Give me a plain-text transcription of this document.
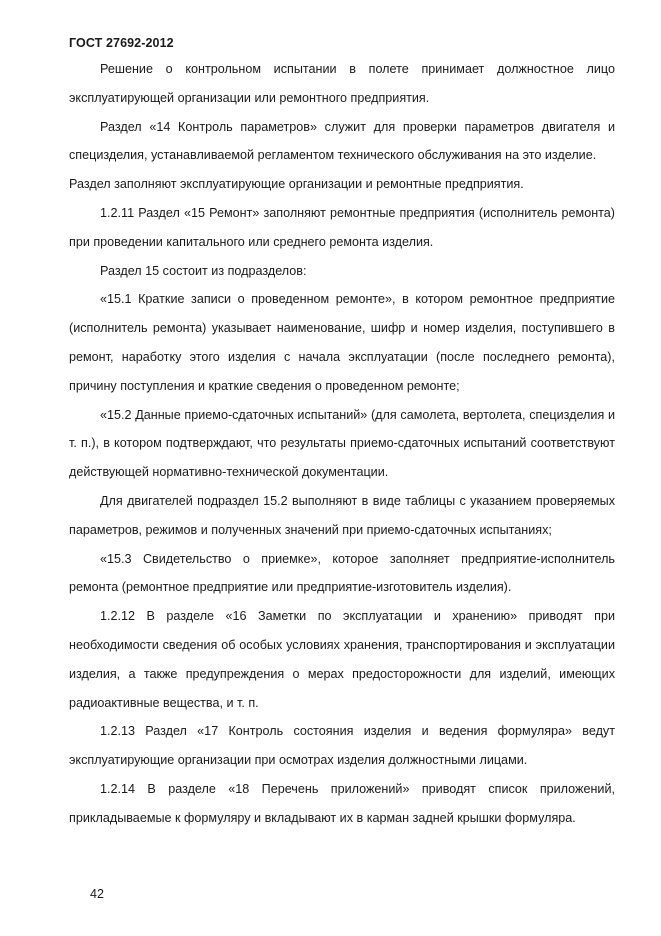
ГОСТ 27692-2012

Решение о контрольном испытании в полете принимает должностное лицо эксплуатирующей организации или ремонтного предприятия.

Раздел «14 Контроль параметров» служит для проверки параметров двигателя и специзделия, устанавливаемой регламентом технического обслуживания на это изделие.

Раздел заполняют эксплуатирующие организации и ремонтные предприятия.

1.2.11 Раздел «15 Ремонт» заполняют ремонтные предприятия (исполнитель ремонта) при проведении капитального или среднего ремонта изделия.

Раздел 15 состоит из подразделов:

«15.1 Краткие записи о проведенном ремонте», в котором ремонтное предприятие (исполнитель ремонта) указывает наименование, шифр и номер изделия, поступившего в ремонт, наработку этого изделия с начала эксплуатации (после последнего ремонта), причину поступления и краткие сведения о проведенном ремонте;

«15.2 Данные приемо-сдаточных испытаний» (для самолета, вертолета, специзделия и т. п.), в котором подтверждают, что результаты приемо-сдаточных испытаний соответствуют действующей нормативно-технической документации.

Для двигателей подраздел 15.2 выполняют в виде таблицы с указанием проверяемых параметров, режимов и полученных значений при приемо-сдаточных испытаниях;

«15.3 Свидетельство о приемке», которое заполняет предприятие-исполнитель ремонта (ремонтное предприятие или предприятие-изготовитель изделия).

1.2.12 В разделе «16 Заметки по эксплуатации и хранению» приводят при необходимости сведения об особых условиях хранения, транспортирования и эксплуатации изделия, а также предупреждения о мерах предосторожности для изделий, имеющих радиоактивные вещества, и т. п.

1.2.13 Раздел «17 Контроль состояния изделия и ведения формуляра» ведут эксплуатирующие организации при осмотрах изделия должностными лицами.

1.2.14 В разделе «18 Перечень приложений» приводят список приложений, прикладываемые к формуляру и вкладывают их в карман задней крышки формуляра.

42
